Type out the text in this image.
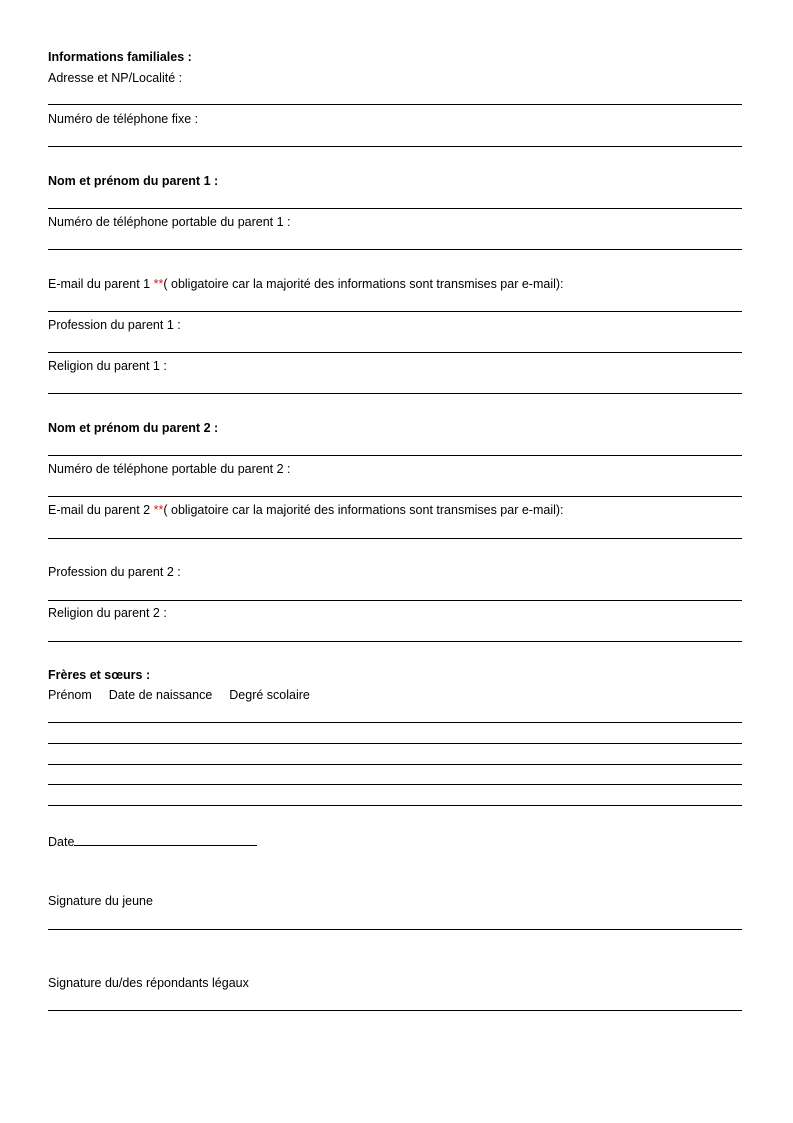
Informations familiales :
Adresse et NP/Localité :
Numéro de téléphone fixe :
Nom et prénom du parent 1 :
Numéro de téléphone portable du parent 1 :
E-mail du parent 1 **( obligatoire car la majorité des informations sont transmises par e-mail):
Profession du parent 1 :
Religion du parent 1 :
Nom et prénom du parent 2 :
Numéro de téléphone portable du parent 2 :
E-mail du parent 2 **( obligatoire car la majorité des informations sont transmises par e-mail):
Profession du parent 2 :
Religion du parent 2 :
Frères et sœurs :
Prénom Date de naissance Degré scolaire
Date
Signature du jeune
Signature du/des répondants légaux
